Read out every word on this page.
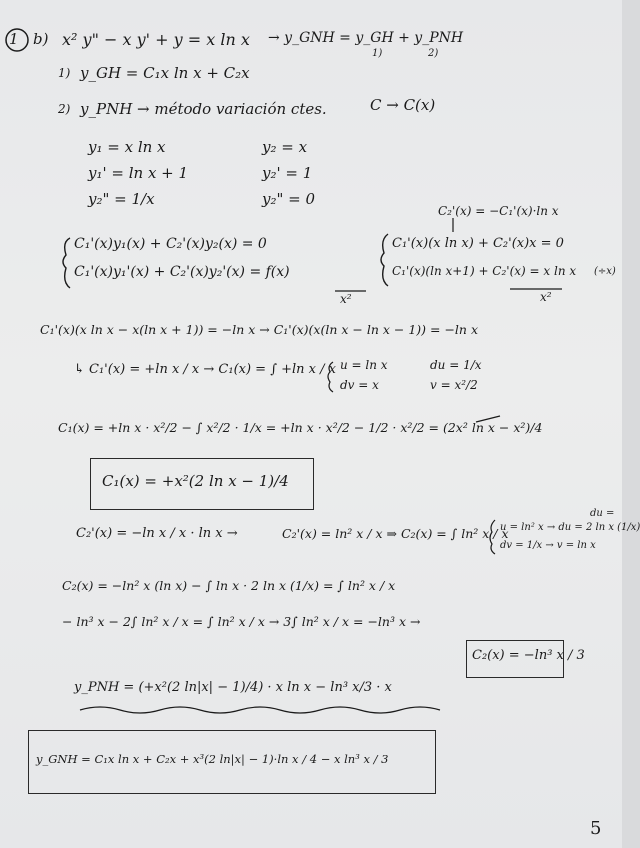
1 b) x² y" − x y' + y = x ln x → y_GNH = y_GH + y_PNH
1)	2)
1) y_GH = C₁x ln x + C₂x
2) y_PNH → método variación ctes.	C → C(x)
y₁ = x ln x
y₁' = ln x + 1
y₂" = 1/x
y₂ = x
y₂' = 1
y₂" = 0
C₂'(x) = −C₁'(x)·ln x
C₁'(x)y₁(x) + C₂'(x)y₂(x) = 0
C₁'(x)y₁'(x) + C₂'(x)y₂'(x) = f(x)
x²
C₁'(x)(x ln x) + C₂'(x)x = 0
C₁'(x)(ln x+1) + C₂'(x) = x ln x
x²
(÷x)
C₁'(x)(x ln x − x(ln x + 1)) = −ln x → C₁'(x)(x(ln x − ln x − 1)) = −ln x
↳ C₁'(x) = +ln x / x → C₁(x) = ∫ +ln x / x u = ln x	du = 1/x
dv = x	v = x²/2
C₁(x) = +ln x · x²/2 − ∫ x²/2 · 1/x = +ln x · x²/2 − 1/2 · x²/2 = (2x² ln x − x²)/4
C₁(x) = +x²(2 ln x − 1)/4
C₂'(x) = −ln x / x · ln x →	C₂'(x) = ln² x / x ⇒ C₂(x) = ∫ ln² x / x
du =
u = ln² x → du = 2 ln x (1/x)
dv = 1/x → v = ln x
C₂(x) = −ln² x (ln x) − ∫ ln x · 2 ln x (1/x) = ∫ ln² x / x
− ln³ x − 2∫ ln² x / x = ∫ ln² x / x → 3∫ ln² x / x = −ln³ x →
C₂(x) = −ln³ x / 3
y_PNH = (+x²(2 ln|x| − 1)/4) · x ln x − ln³ x/3 · x
y_GNH = C₁x ln x + C₂x + x³(2 ln|x| − 1)·ln x / 4 − x ln³ x / 3
5
